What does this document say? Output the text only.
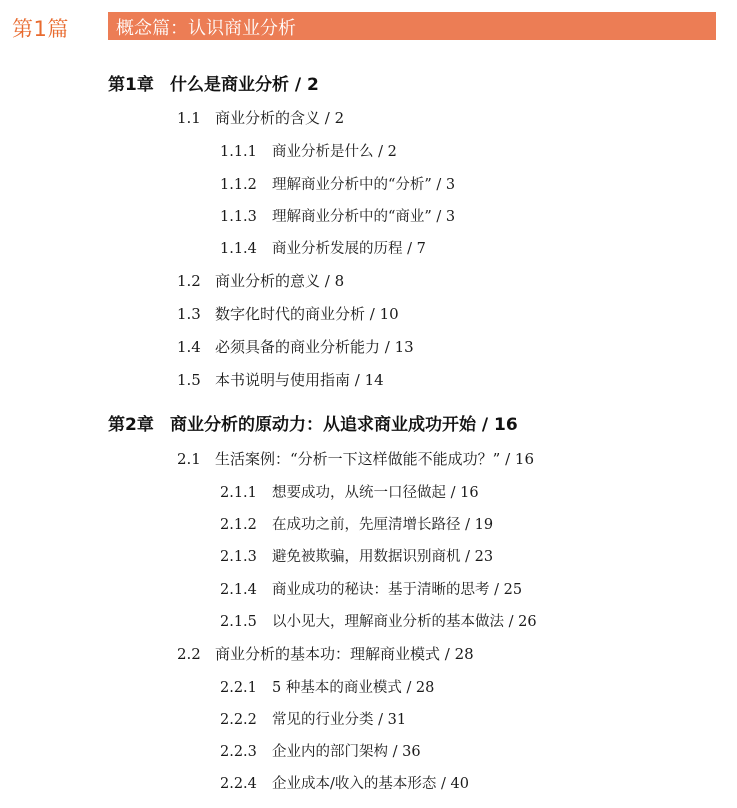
第1篇	概念篇：认识商业分析
第1章 什么是商业分析 / 2
1.1 商业分析的含义 / 2
1.1.1 商业分析是什么 / 2
1.1.2 理解商业分析中的“分析” / 3
1.1.3 理解商业分析中的“商业” / 3
1.1.4 商业分析发展的历程 / 7
1.2 商业分析的意义 / 8
1.3 数字化时代的商业分析 / 10
1.4 必须具备的商业分析能力 / 13
1.5 本书说明与使用指南 / 14
第2章 商业分析的原动力：从追求商业成功开始 / 16
2.1 生活案例：“分析一下这样做能不能成功？” / 16
2.1.1 想要成功，从统一口径做起 / 16
2.1.2 在成功之前，先厘清增长路径 / 19
2.1.3 避免被欺骗，用数据识别商机 / 23
2.1.4 商业成功的秘诀：基于清晰的思考 / 25
2.1.5 以小见大，理解商业分析的基本做法 / 26
2.2 商业分析的基本功：理解商业模式 / 28
2.2.1 5 种基本的商业模式 / 28
2.2.2 常见的行业分类 / 31
2.2.3 企业内的部门架构 / 36
2.2.4 企业成本/收入的基本形态 / 40
